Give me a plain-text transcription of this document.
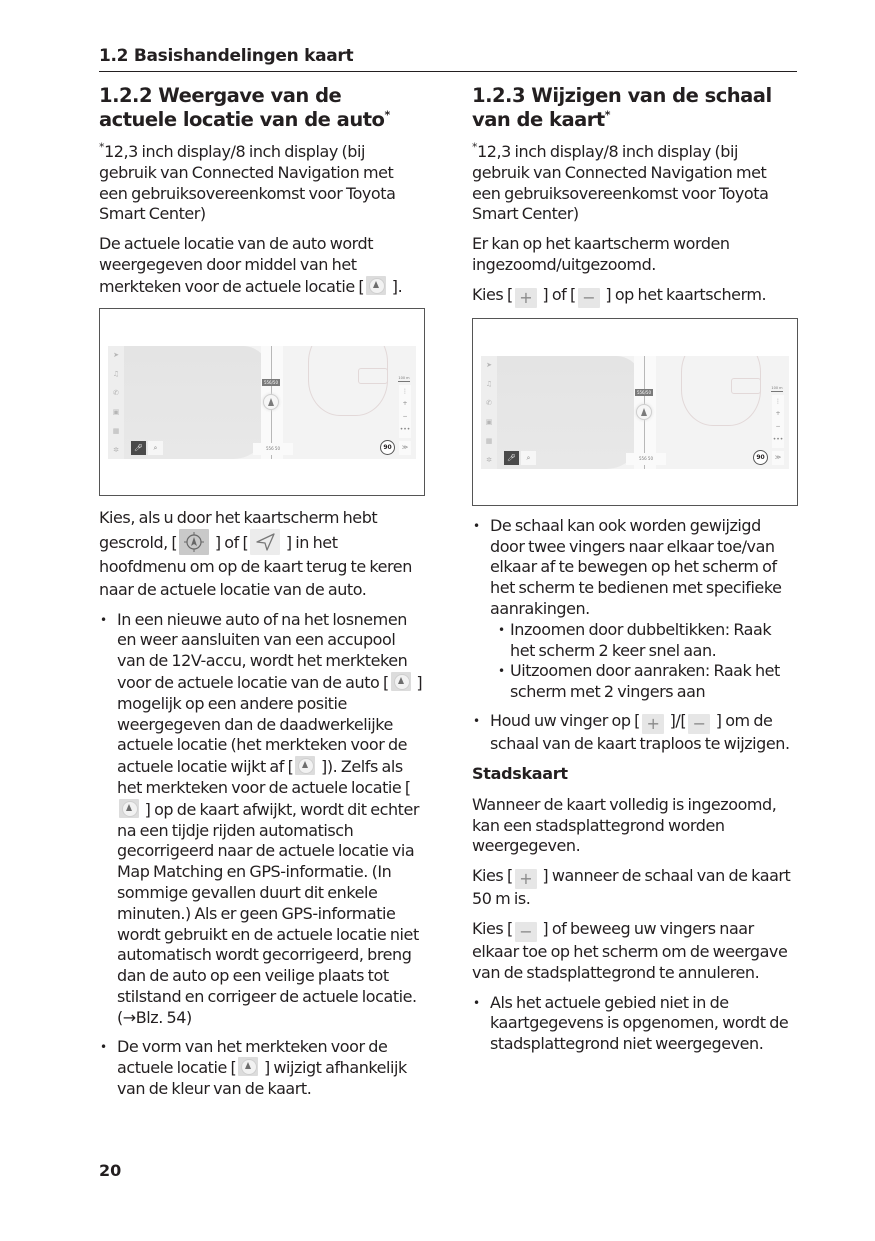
1.2 Basishandelingen kaart
1.2.2 Weergave van de actuele locatie van de auto*

*12,3 inch display/8 inch display (bij gebruik van Connected Navigation met een gebruiksovereenkomst voor Toyota Smart Center)

De actuele locatie van de auto wordt weergegeven door middel van het merkteken voor de actuele locatie [ ].

➤
♫
✆
▣
▦
✲
556/50
🎤︎	⌕	556 50
100 m
⋮
+
−
•••
90	≫

Kies, als u door het kaartscherm hebt gescrold, [
] of [
] in het hoofdmenu om op de kaart terug te keren naar de actuele locatie van de auto.

• In een nieuwe auto of na het losnemen en weer aansluiten van een accupool van de 12V-accu, wordt het merkteken voor de actuele locatie van de auto [ ] mogelijk op een andere positie weergegeven dan de daadwerkelijke actuele locatie (het merkteken voor de actuele locatie wijkt af [ ]). Zelfs als het merkteken voor de actuele locatie [ ] op de kaart afwijkt, wordt dit echter na een tijdje rijden automatisch gecorrigeerd naar de actuele locatie via Map Matching en GPS-informatie. (In sommige gevallen duurt dit enkele minuten.) Als er geen GPS-informatie wordt gebruikt en de actuele locatie niet automatisch wordt gecorrigeerd, breng dan de auto op een veilige plaats tot stilstand en corrigeer de actuele locatie. (→Blz. 54)
• De vorm van het merkteken voor de actuele locatie [ ] wijzigt afhankelijk van de kleur van de kaart.
1.2.3 Wijzigen van de schaal van de kaart*

*12,3 inch display/8 inch display (bij gebruik van Connected Navigation met een gebruiksovereenkomst voor Toyota Smart Center)

Er kan op het kaartscherm worden ingezoomd/uitgezoomd.

Kies [ + ] of [ − ] op het kaartscherm.

➤
♫
✆
▣
▦
✲
556/50
🎤︎	⌕	556 50
100 m
⋮
+
−
•••
90	≫
• De schaal kan ook worden gewijzigd door twee vingers naar elkaar toe/van elkaar af te bewegen op het scherm of het scherm te bedienen met specifieke aanrakingen.
• Inzoomen door dubbeltikken: Raak het scherm 2 keer snel aan.
• Uitzoomen door aanraken: Raak het scherm met 2 vingers aan
• Houd uw vinger op [ + ]/[ − ] om de schaal van de kaart traploos te wijzigen.
Stadskaart

Wanneer de kaart volledig is ingezoomd, kan een stadsplattegrond worden weergegeven.

Kies [ + ] wanneer de schaal van de kaart 50 m is.

Kies [ − ] of beweeg uw vingers naar elkaar toe op het scherm om de weergave van de stadsplattegrond te annuleren.

• Als het actuele gebied niet in de kaartgegevens is opgenomen, wordt de stadsplattegrond niet weergegeven.
20
